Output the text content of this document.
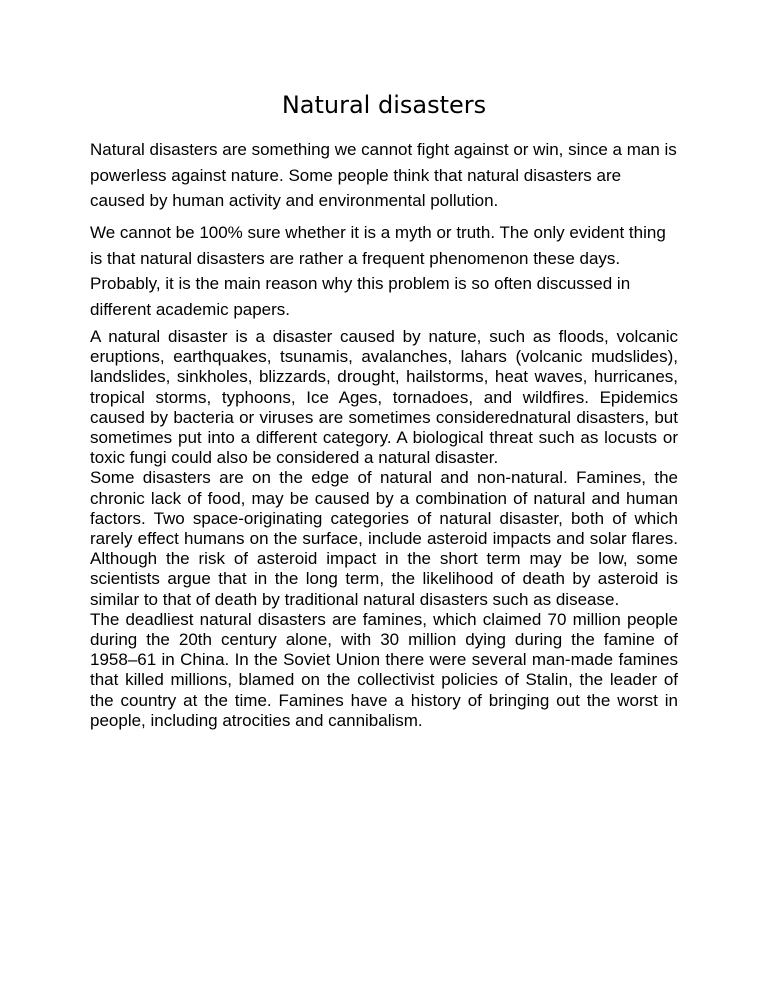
Natural disasters

Natural disasters are something we cannot fight against or win, since a man is powerless against nature. Some people think that natural disasters are caused by human activity and environmental pollution.

We cannot be 100% sure whether it is a myth or truth. The only evident thing is that natural disasters are rather a frequent phenomenon these days. Probably, it is the main reason why this problem is so often discussed in different academic papers.

A natural disaster is a disaster caused by nature, such as floods, volcanic eruptions, earthquakes, tsunamis, avalanches, lahars (volcanic mudslides), landslides, sinkholes, blizzards, drought, hailstorms, heat waves, hurricanes, tropical storms, typhoons, Ice Ages, tornadoes, and wildfires. Epidemics caused by bacteria or viruses are sometimes considerednatural disasters, but sometimes put into a different category. A biological threat such as locusts or toxic fungi could also be considered a natural disaster.

Some disasters are on the edge of natural and non-natural. Famines, the chronic lack of food, may be caused by a combination of natural and human factors. Two space-originating categories of natural disaster, both of which rarely effect humans on the surface, include asteroid impacts and solar flares. Although the risk of asteroid impact in the short term may be low, some scientists argue that in the long term, the likelihood of death by asteroid is similar to that of death by traditional natural disasters such as disease.

The deadliest natural disasters are famines, which claimed 70 million people during the 20th century alone, with 30 million dying during the famine of 1958–61 in China. In the Soviet Union there were several man-made famines that killed millions, blamed on the collectivist policies of Stalin, the leader of the country at the time. Famines have a history of bringing out the worst in people, including atrocities and cannibalism.
